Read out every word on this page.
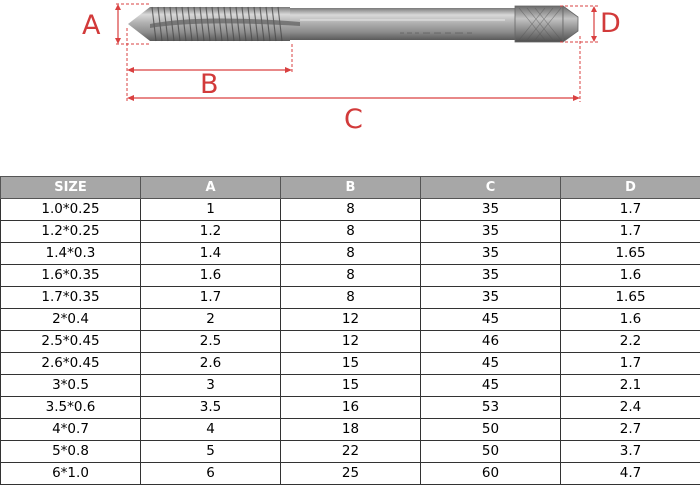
A	D
B
C
SIZE	A	B	C	D
1.0*0.25	1	8	35	1.7
1.2*0.25	1.2	8	35	1.7
1.4*0.3	1.4	8	35	1.65
1.6*0.35	1.6	8	35	1.6
1.7*0.35	1.7	8	35	1.65
2*0.4	2	12	45	1.6
2.5*0.45	2.5	12	46	2.2
2.6*0.45	2.6	15	45	1.7
3*0.5	3	15	45	2.1
3.5*0.6	3.5	16	53	2.4
4*0.7	4	18	50	2.7
5*0.8	5	22	50	3.7
6*1.0	6	25	60	4.7
